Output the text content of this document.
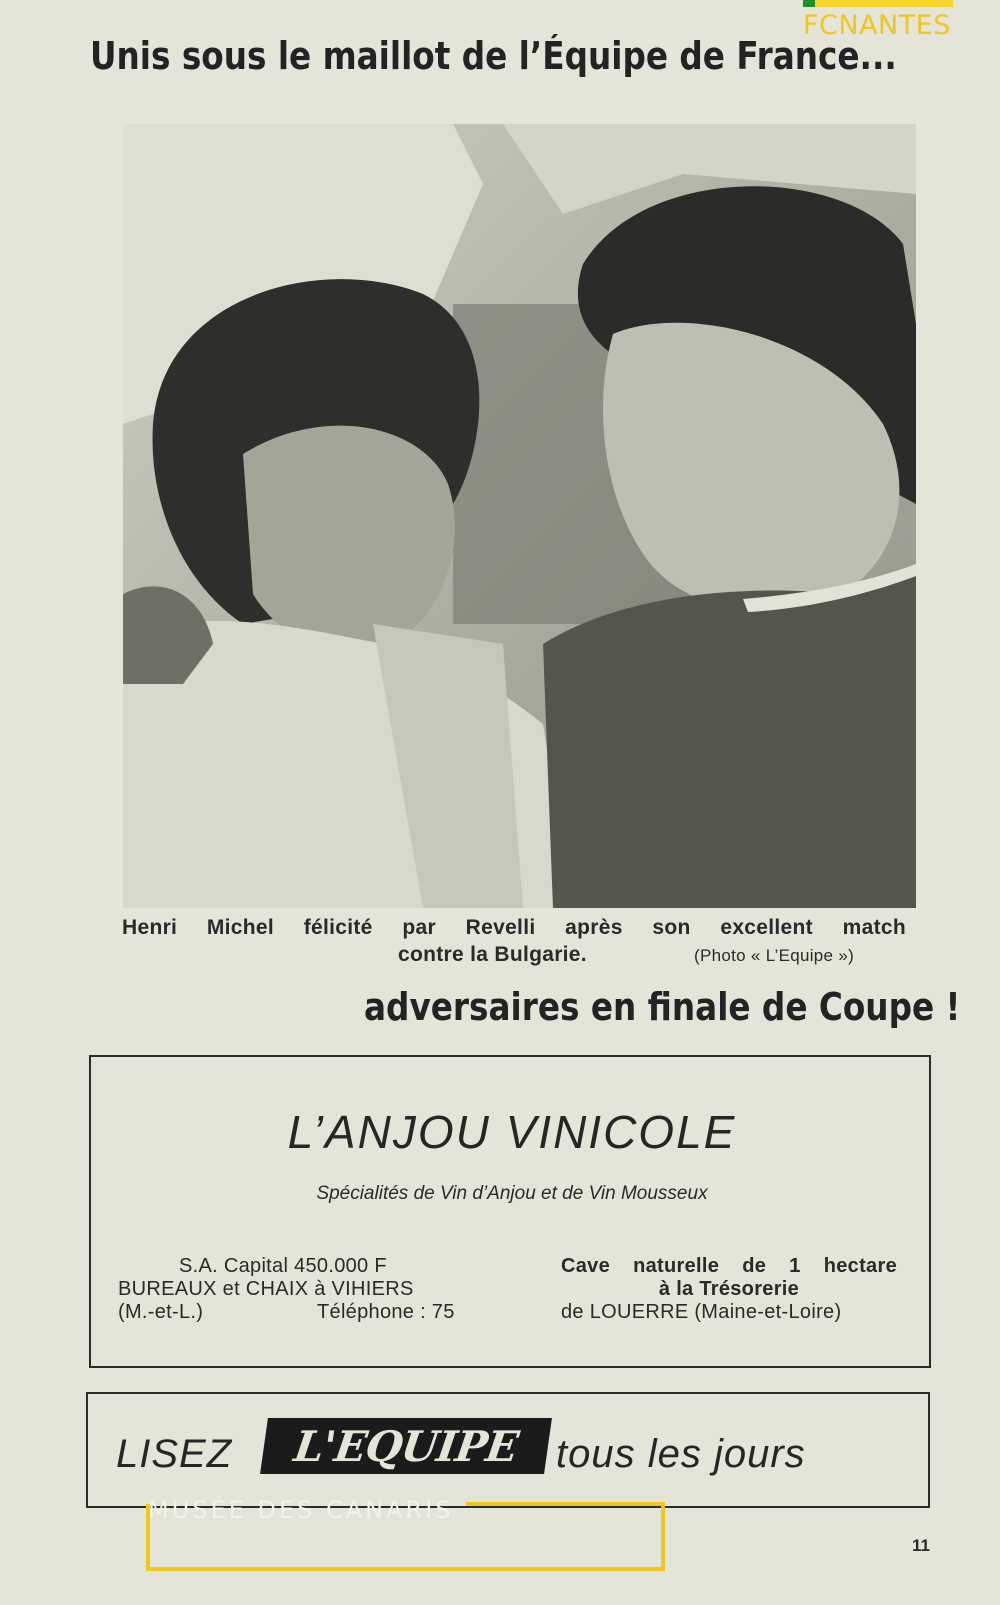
FCNANTES
Unis sous le maillot de l’Équipe de France...
Henri Michel félicité par Revelli après son excellent match
contre la Bulgarie.	(Photo « L’Equipe »)
adversaires en finale de Coupe !
L’ANJOU VINICOLE
Spécialités de Vin d’Anjou et de Vin Mousseux
S.A. Capital 450.000 F
BUREAUX et CHAIX à VIHIERS
(M.-et-L.)	Téléphone : 75
Cave naturelle de 1 hectare
à la Trésorerie
de LOUERRE (Maine-et-Loire)
LISEZ	L'EQUIPE tous les jours
MUSÉE DES CANARIS
11
